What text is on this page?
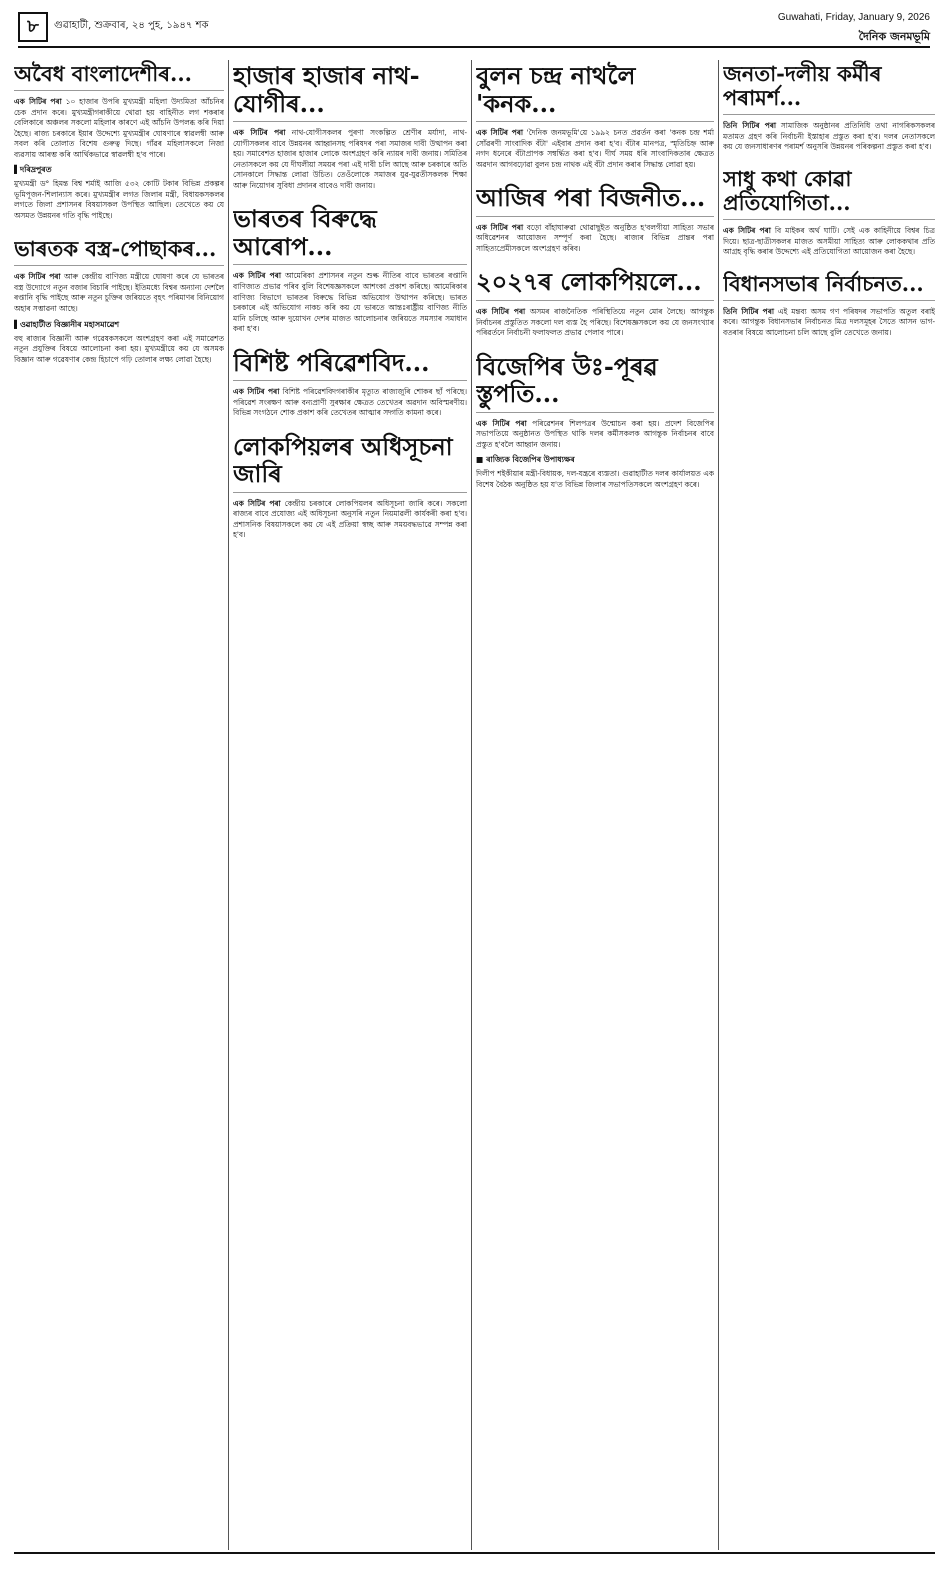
৮	গুৱাহাটী, শুক্ৰবাৰ, ২৪ পুহ, ১৯৪৭ শক
Guwahati, Friday, January 9, 2026
দৈনিক জনমভূমি
অবৈধ বাংলাদেশীৰ...

এক সিটিৰ পৰা ১০ হাজাৰ উপৰি মুখ্যমন্ত্ৰী মহিলা উদ্যমিতা আঁচনিৰ চেক প্ৰদান কৰে। মুখ্যমন্ত্ৰীগৰাকীয়ে থোৱা হয় বাহিনীত লগ শকৰাৰ বেলিকাৰে অঞ্চলৰ সকলো মহিলাৰ কাৰণে এই আঁচনি উপলব্ধ কৰি দিয়া হৈছে। ৰাজ্য চৰকাৰে ইয়াৰ উদ্দেশ্যে মুখ্যমন্ত্ৰীৰ ঘোষণাৰে স্বাৱলম্বী আৰু সবল কৰি তোলাত বিশেষ গুৰুত্ব দিছে। গাঁৱৰ মহিলাসকলে নিজা ব্যৱসায় আৰম্ভ কৰি আৰ্থিকভাৱে স্বাৱলম্বী হ'ব পাৰে।

▌দৰিদ্ৰপুৰত

মুখ্যমন্ত্ৰী ড° হিমন্ত বিশ্ব শৰ্মাই আজি ৫৩২ কোটি টকাৰ বিভিন্ন প্ৰকল্পৰ ভূমিপূজন-শিলান্যাস কৰে। মুখ্যমন্ত্ৰীৰ লগত জিলাৰ মন্ত্ৰী, বিধায়কসকলৰ লগতে জিলা প্ৰশাসনৰ বিষয়াসকল উপস্থিত আছিল। তেখেতে কয় যে অসমত উন্নয়নৰ গতি বৃদ্ধি পাইছে।

ভাৰতক বস্ত্ৰ-পোছাকৰ...

এক সিটিৰ পৰা আৰু কেন্দ্ৰীয় বাণিজ্য মন্ত্ৰীয়ে ঘোষণা কৰে যে ভাৰতৰ বস্ত্ৰ উদ্যোগে নতুন বজাৰ বিচাৰি পাইছে। ইতিমধ্যে বিশ্বৰ অন্যান্য দেশলৈ ৰপ্তানি বৃদ্ধি পাইছে আৰু নতুন চুক্তিৰ জৰিয়তে বৃহৎ পৰিমাণৰ বিনিয়োগ অহাৰ সম্ভাৱনা আছে।

▌ওৱাহাটীত বিজ্ঞানীৰ মহাসমাৱেশ

বহু ৰাজ্যৰ বিজ্ঞানী আৰু গৱেষকসকলে অংশগ্ৰহণ কৰা এই সমাৱেশত নতুন প্ৰযুক্তিৰ বিষয়ে আলোচনা কৰা হয়। মুখ্যমন্ত্ৰীয়ে কয় যে অসমক বিজ্ঞান আৰু গৱেষণাৰ কেন্দ্ৰ হিচাপে গঢ়ি তোলাৰ লক্ষ্য লোৱা হৈছে।

হাজাৰ হাজাৰ নাথ-যোগীৰ...

এক সিটিৰ পৰা নাথ-যোগীসকলৰ পুৰণা সংকল্পিত শ্ৰেণীৰ মৰ্যাদা, নাথ-যোগীসকলৰ বাবে উন্নয়নৰ আহ্বানসহ পৰিষদৰ পৰা সমাজৰ দাবী উত্থাপন কৰা হয়। সমাবেশত হাজাৰ হাজাৰ লোকে অংশগ্ৰহণ কৰি ন্যায়ৰ দাবী জনায়। সমিতিৰ নেতাসকলে কয় যে দীঘলীয়া সময়ৰ পৰা এই দাবী চলি আছে আৰু চৰকাৰে অতি সোনকালে সিদ্ধান্ত লোৱা উচিত। তেওঁলোকে সমাজৰ যুৱ-যুৱতীসকলক শিক্ষা আৰু নিয়োগৰ সুবিধা প্ৰদানৰ বাবেও দাবী জনায়।

ভাৰতৰ বিৰুদ্ধে আৰোপ...

এক সিটিৰ পৰা আমেৰিকা প্ৰশাসনৰ নতুন শুল্ক নীতিৰ বাবে ভাৰতৰ ৰপ্তানি বাণিজ্যত প্ৰভাৱ পৰিব বুলি বিশেষজ্ঞসকলে আশংকা প্ৰকাশ কৰিছে। আমেৰিকাৰ বাণিজ্য বিভাগে ভাৰতৰ বিৰুদ্ধে বিভিন্ন অভিযোগ উত্থাপন কৰিছে। ভাৰত চৰকাৰে এই অভিযোগ নাকচ কৰি কয় যে ভাৰতে আন্তঃৰাষ্ট্ৰীয় বাণিজ্য নীতি মানি চলিছে আৰু দুয়োখন দেশৰ মাজত আলোচনাৰ জৰিয়তে সমস্যাৰ সমাধান কৰা হ'ব।

বিশিষ্ট পৰিৱেশবিদ...

এক সিটিৰ পৰা বিশিষ্ট পৰিৱেশবিদগৰাকীৰ মৃত্যুত ৰাজ্যজুৰি শোকৰ ছাঁ পৰিছে। পৰিৱেশ সংৰক্ষণ আৰু বন্যপ্ৰাণী সুৰক্ষাৰ ক্ষেত্ৰত তেখেতৰ অৱদান অবিস্মৰণীয়। বিভিন্ন সংগঠনে শোক প্ৰকাশ কৰি তেখেতৰ আত্মাৰ সদ্গতি কামনা কৰে।

লোকপিয়লৰ অধিসূচনা জাৰি

এক সিটিৰ পৰা কেন্দ্ৰীয় চৰকাৰে লোকপিয়লৰ অধিসূচনা জাৰি কৰে। সকলো ৰাজ্যৰ বাবে প্ৰযোজ্য এই অধিসূচনা অনুসৰি নতুন নিয়মাৱলী কাৰ্যকৰী কৰা হ'ব। প্ৰশাসনিক বিষয়াসকলে কয় যে এই প্ৰক্ৰিয়া স্বচ্ছ আৰু সময়বদ্ধভাৱে সম্পন্ন কৰা হ'ব।

বুলন চন্দ্ৰ নাথলৈ 'কনক...

এক সিটিৰ পৰা 'দৈনিক জনমভূমি'য়ে ১৯৯২ চনত প্ৰৱৰ্তন কৰা 'কনক চন্দ্ৰ শৰ্মা সোঁৱৰণী সাংবাদিক বঁটা' এইবাৰ প্ৰদান কৰা হ'ব। বঁটাৰ মানপত্ৰ, স্মৃতিচিহ্ন আৰু নগদ ধনেৰে বঁটাপ্ৰাপক সম্বৰ্দ্ধিত কৰা হ'ব। দীৰ্ঘ সময় ধৰি সাংবাদিকতাৰ ক্ষেত্ৰত অৱদান আগবঢ়োৱা বুলন চন্দ্ৰ নাথক এই বঁটা প্ৰদান কৰাৰ সিদ্ধান্ত লোৱা হয়।

আজিৰ পৰা বিজনীত...

এক সিটিৰ পৰা বড়ো বাঁহাঘাৰুৱা থোৱাছুইত অনুষ্ঠিত হ'বলগীয়া সাহিত্য সভাৰ অধিৱেশনৰ আয়োজন সম্পূৰ্ণ কৰা হৈছে। ৰাজ্যৰ বিভিন্ন প্ৰান্তৰ পৰা সাহিত্যপ্ৰেমীসকলে অংশগ্ৰহণ কৰিব।

২০২৭ৰ লোকপিয়লে...

এক সিটিৰ পৰা অসমৰ ৰাজনৈতিক পৰিস্থিতিয়ে নতুন মোৰ লৈছে। আগন্তুক নিৰ্বাচনৰ প্ৰস্তুতিত সকলো দল ব্যস্ত হৈ পৰিছে। বিশেষজ্ঞসকলে কয় যে জনসংখ্যাৰ পৰিৱৰ্তনে নিৰ্বাচনী ফলাফলত প্ৰভাৱ পেলাব পাৰে।

বিজেপিৰ উঃ-পূৰৱ স্তুপতি...

এক সিটিৰ পৰা পৰিৱেশনৰ শিলপত্ৰৰ উন্মোচন কৰা হয়। প্ৰদেশ বিজেপিৰ সভাপতিয়ে অনুষ্ঠানত উপস্থিত থাকি দলৰ কৰ্মীসকলক আগন্তুক নিৰ্বাচনৰ বাবে প্ৰস্তুত হ'বলৈ আহ্বান জনায়।

■ ৰাজ্যিক বিজেপিৰ উপাধ্যক্ষৰ

দিলীপ শইকীয়াৰ মন্ত্ৰী-বিধায়ক, দল-যন্ত্ৰৰে ব্যস্ততা। গুৱাহাটীত দলৰ কাৰ্যালয়ত এক বিশেষ বৈঠক অনুষ্ঠিত হয় য'ত বিভিন্ন জিলাৰ সভাপতিসকলে অংশগ্ৰহণ কৰে।

জনতা-দলীয় কৰ্মীৰ পৰামৰ্শ...

তিনি সিটিৰ পৰা সামাজিক অনুষ্ঠানৰ প্ৰতিনিধি তথা নাগৰিকসকলৰ মতামত গ্ৰহণ কৰি নিৰ্বাচনী ইস্তাহাৰ প্ৰস্তুত কৰা হ'ব। দলৰ নেতাসকলে কয় যে জনসাধাৰণৰ পৰামৰ্শ অনুসৰি উন্নয়নৰ পৰিকল্পনা প্ৰস্তুত কৰা হ'ব।

সাধু কথা কোৱা প্ৰতিযোগিতা...

এক সিটিৰ পৰা বি মাইকৰ অৰ্থ ঘাটি। সেই এক কাহিনীয়ে বিশ্বৰ চিত্ৰ দিয়ে। ছাত্ৰ-ছাত্ৰীসকলৰ মাজত অসমীয়া সাহিত্য আৰু লোককথাৰ প্ৰতি আগ্ৰহ বৃদ্ধি কৰাৰ উদ্দেশ্যে এই প্ৰতিযোগিতা আয়োজন কৰা হৈছে।

বিধানসভাৰ নিৰ্বাচনত...

তিনি সিটিৰ পৰা এই মন্তব্য অসম গণ পৰিষদৰ সভাপতি অতুল বৰাই কৰে। আগন্তুক বিধানসভাৰ নিৰ্বাচনত মিত্ৰ দলসমূহৰ সৈতে আসন ভাগ-বতৰাৰ বিষয়ে আলোচনা চলি আছে বুলি তেখেতে জনায়।
